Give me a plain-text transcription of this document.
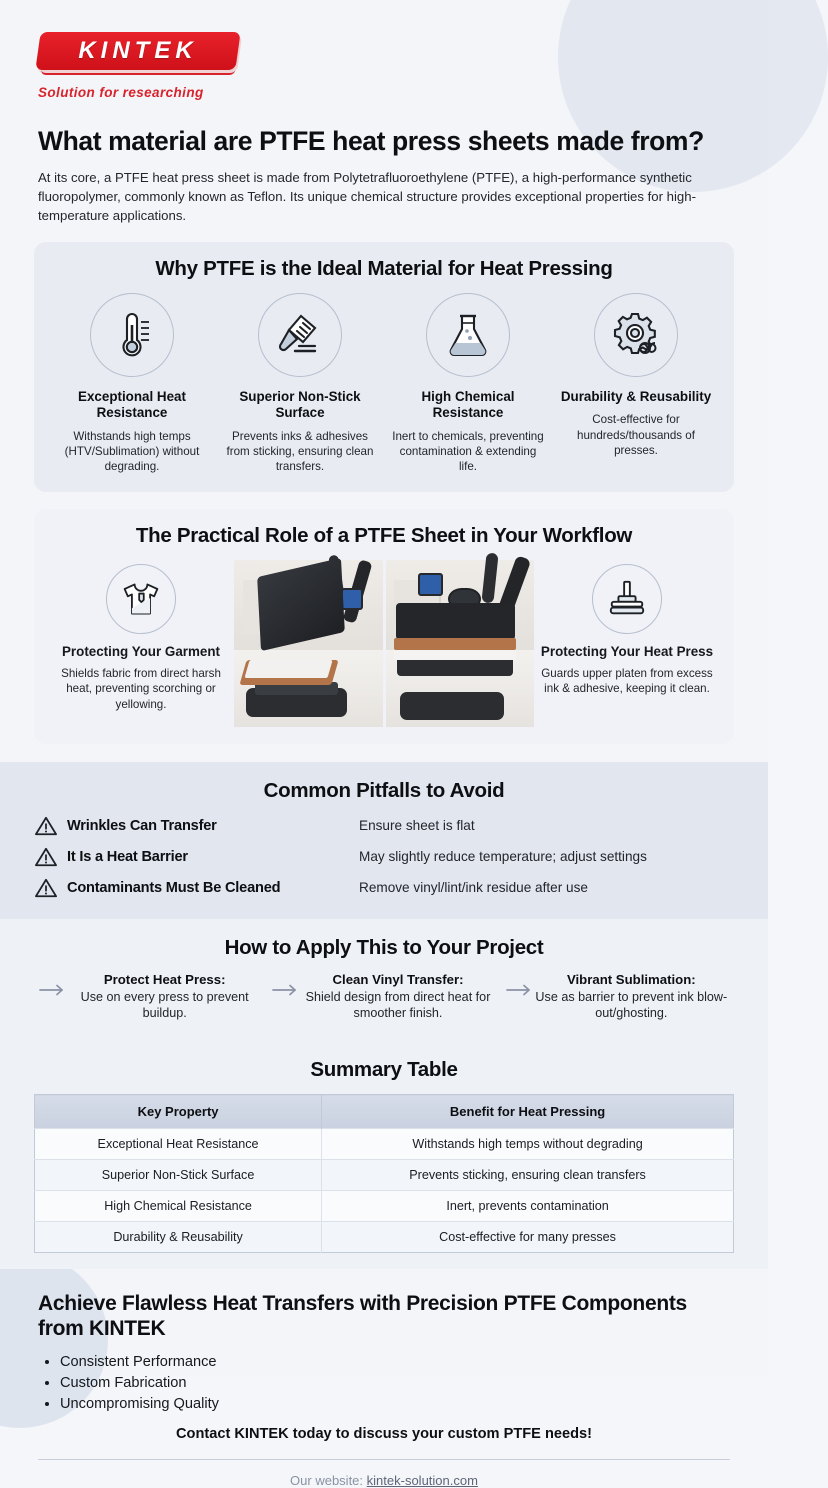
KINTEK
Solution for researching
What material are PTFE heat press sheets made from?

At its core, a PTFE heat press sheet is made from Polytetrafluoroethylene (PTFE), a high-performance synthetic fluoropolymer, commonly known as Teflon. Its unique chemical structure provides exceptional properties for high-temperature applications.

Why PTFE is the Ideal Material for Heat Pressing
Exceptional Heat Resistance
Withstands high temps (HTV/Sublimation) without degrading.
Superior Non-Stick Surface
Prevents inks & adhesives from sticking, ensuring clean transfers.
High Chemical Resistance
Inert to chemicals, preventing contamination & extending life.
Durability & Reusability
Cost-effective for hundreds/thousands of presses.
The Practical Role of a PTFE Sheet in Your Workflow
Protecting Your Garment
Shields fabric from direct harsh heat, preventing scorching or yellowing.
Protecting Your Heat Press
Guards upper platen from excess ink & adhesive, keeping it clean.
Common Pitfalls to Avoid
Wrinkles Can Transfer	Ensure sheet is flat
It Is a Heat Barrier	May slightly reduce temperature; adjust settings
Contaminants Must Be Cleaned	Remove vinyl/lint/ink residue after use
How to Apply This to Your Project
Protect Heat Press:
Use on every press to prevent buildup.
Clean Vinyl Transfer:
Shield design from direct heat for smoother finish.
Vibrant Sublimation:
Use as barrier to prevent ink blow-out/ghosting.
Summary Table
Key Property	Benefit for Heat Pressing
Exceptional Heat Resistance	Withstands high temps without degrading
Superior Non-Stick Surface	Prevents sticking, ensuring clean transfers
High Chemical Resistance	Inert, prevents contamination
Durability & Reusability	Cost-effective for many presses
Achieve Flawless Heat Transfers with Precision PTFE Components from KINTEK
• Consistent Performance
• Custom Fabrication
• Uncompromising Quality
Contact KINTEK today to discuss your custom PTFE needs!
Our website: kintek-solution.com
